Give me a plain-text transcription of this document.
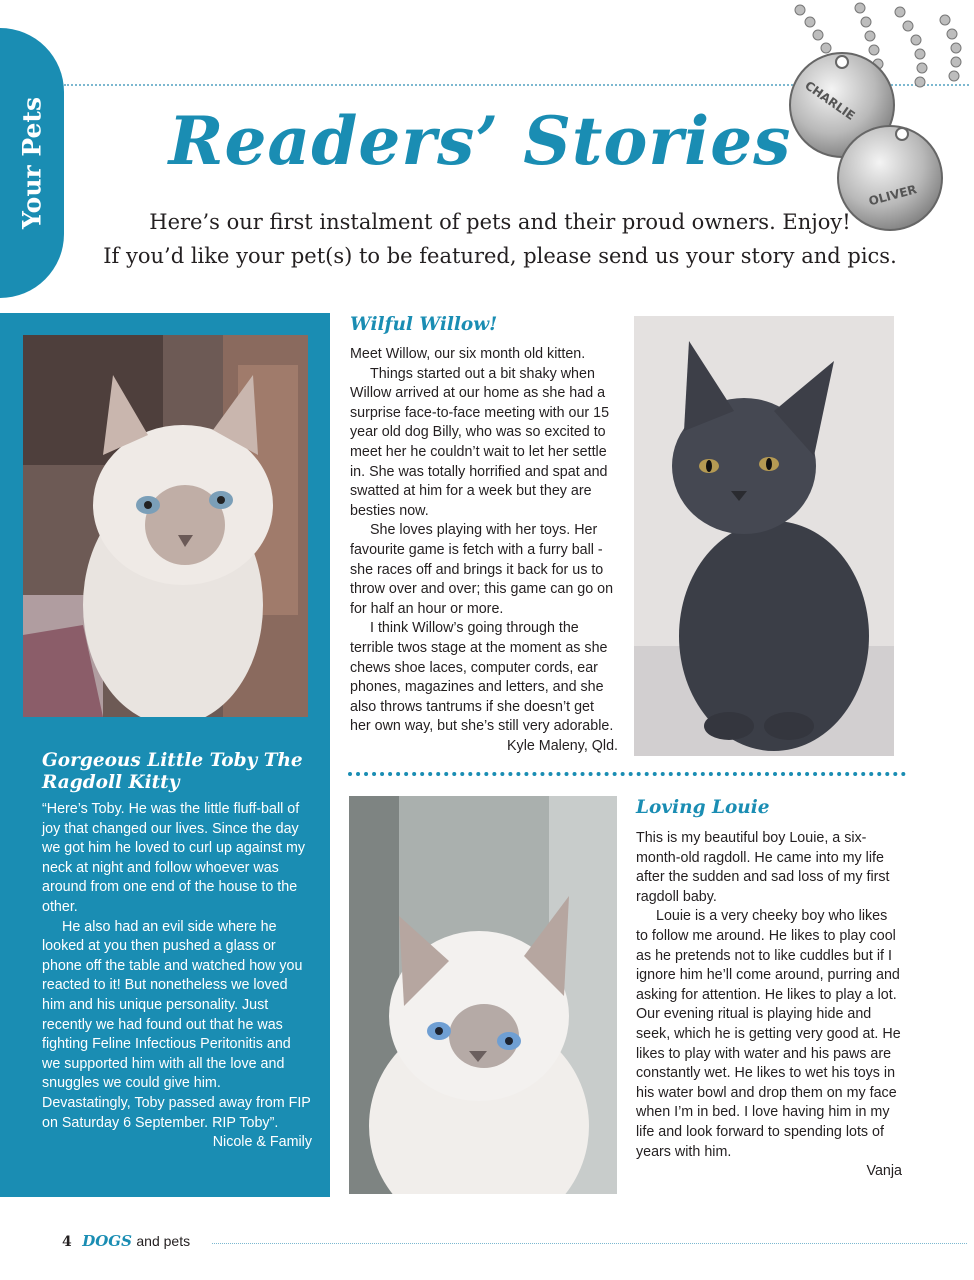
Your Pets Readers’ Stories
Here’s our first instalment of pets and their proud owners. Enjoy!
If you’d like your pet(s) to be featured, please send us your story and pics.
CHARLIE
OLIVER
Gorgeous Little Toby The Ragdoll Kitty

“Here’s Toby. He was the little fluff-ball of joy that changed our lives. Since the day we got him he loved to curl up against my neck at night and follow whoever was around from one end of the house to the other.

He also had an evil side where he looked at you then pushed a glass or phone off the table and watched how you reacted to it! But nonetheless we loved him and his unique personality. Just recently we had found out that he was fighting Feline Infectious Peritonitis and we supported him with all the love and snuggles we could give him. Devastatingly, Toby passed away from FIP on Saturday 6 September. RIP Toby”.

Nicole & Family
Wilful Willow!

Meet Willow, our six month old kitten.

Things started out a bit shaky when Willow arrived at our home as she had a surprise face-to-face meeting with our 15 year old dog Billy, who was so excited to meet her he couldn’t wait to let her settle in. She was totally horrified and spat and swatted at him for a week but they are besties now.

She loves playing with her toys. Her favourite game is fetch with a furry ball - she races off and brings it back for us to throw over and over; this game can go on for half an hour or more.

I think Willow’s going through the terrible twos stage at the moment as she chews shoe laces, computer cords, ear phones, magazines and letters, and she also throws tantrums if she doesn’t get her own way, but she’s still very adorable.

Kyle Maleny, Qld.
Loving Louie

This is my beautiful boy Louie, a six-month-old ragdoll. He came into my life after the sudden and sad loss of my first ragdoll baby.

Louie is a very cheeky boy who likes to follow me around. He likes to play cool as he pretends not to like cuddles but if I ignore him he’ll come around, purring and asking for attention. He likes to play a lot. Our evening ritual is playing hide and seek, which he is getting very good at. He likes to play with water and his paws are constantly wet. He likes to wet his toys in his water bowl and drop them on my face when I’m in bed. I love having him in my life and look forward to spending lots of years with him.

Vanja
4 DOGS and pets
